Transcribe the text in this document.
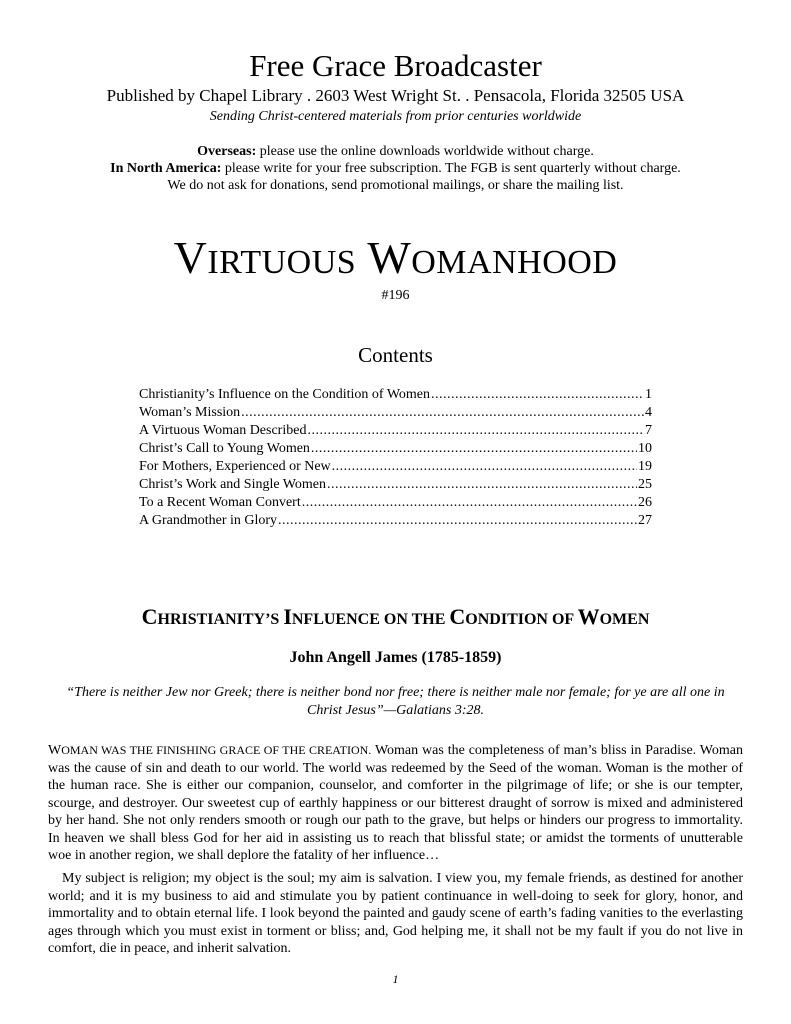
Free Grace Broadcaster
Published by Chapel Library . 2603 West Wright St. . Pensacola, Florida 32505 USA
Sending Christ-centered materials from prior centuries worldwide
Overseas: please use the online downloads worldwide without charge.
In North America: please write for your free subscription. The FGB is sent quarterly without charge.
We do not ask for donations, send promotional mailings, or share the mailing list.
VIRTUOUS WOMANHOOD
#196
Contents
Christianity’s Influence on the Condition of Women .....	1
Woman’s Mission .....	4
A Virtuous Woman Described .....	7
Christ’s Call to Young Women .....	10
For Mothers, Experienced or New .....	19
Christ’s Work and Single Women .....	25
To a Recent Woman Convert .....	26
A Grandmother in Glory .....	27
CHRISTIANITY’S INFLUENCE ON THE CONDITION OF WOMEN
John Angell James (1785-1859)
“There is neither Jew nor Greek; there is neither bond nor free; there is neither male nor female; for ye are all one in Christ Jesus”—Galatians 3:28.
WOMAN WAS THE FINISHING GRACE OF THE CREATION. Woman was the completeness of man’s bliss in Paradise. Woman was the cause of sin and death to our world. The world was redeemed by the Seed of the woman. Woman is the mother of the human race. She is either our companion, counselor, and comforter in the pilgrimage of life; or she is our tempter, scourge, and destroyer. Our sweetest cup of earthly happiness or our bitterest draught of sorrow is mixed and administered by her hand. She not only renders smooth or rough our path to the grave, but helps or hinders our progress to immortality. In heaven we shall bless God for her aid in assisting us to reach that blissful state; or amidst the torments of unutterable woe in another region, we shall deplore the fatality of her influence…
My subject is religion; my object is the soul; my aim is salvation. I view you, my female friends, as destined for another world; and it is my business to aid and stimulate you by patient continuance in well-doing to seek for glory, honor, and immortality and to obtain eternal life. I look beyond the painted and gaudy scene of earth’s fading vanities to the everlasting ages through which you must exist in torment or bliss; and, God helping me, it shall not be my fault if you do not live in comfort, die in peace, and inherit salvation.
1
